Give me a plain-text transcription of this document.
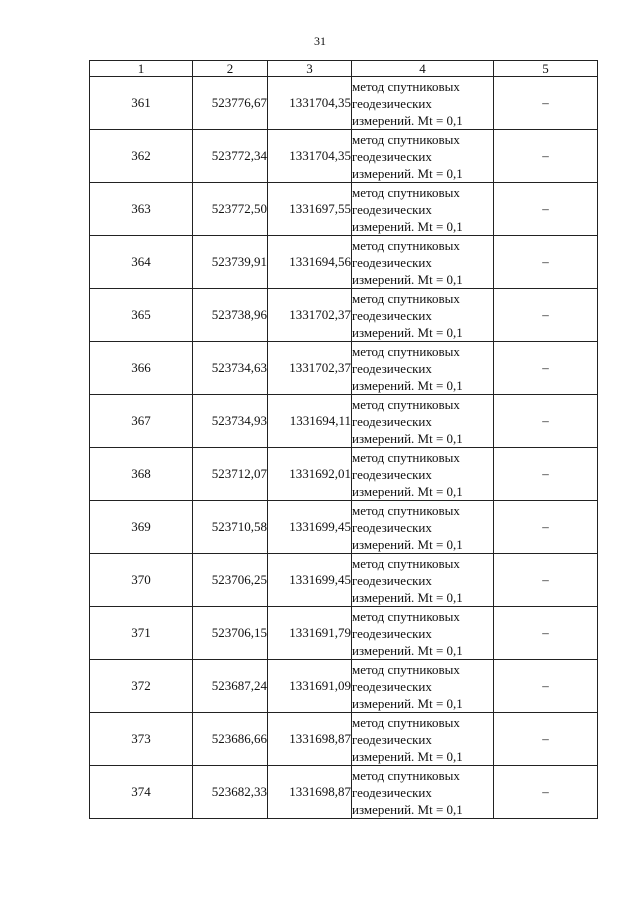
31
1	2	3	4	5
361	523776,67	1331704,35	метод спутниковых
геодезических
измерений. Mt = 0,1	–
362	523772,34	1331704,35	метод спутниковых
геодезических
измерений. Mt = 0,1	–
363	523772,50	1331697,55	метод спутниковых
геодезических
измерений. Mt = 0,1	–
364	523739,91	1331694,56	метод спутниковых
геодезических
измерений. Mt = 0,1	–
365	523738,96	1331702,37	метод спутниковых
геодезических
измерений. Mt = 0,1	–
366	523734,63	1331702,37	метод спутниковых
геодезических
измерений. Mt = 0,1	–
367	523734,93	1331694,11	метод спутниковых
геодезических
измерений. Mt = 0,1	–
368	523712,07	1331692,01	метод спутниковых
геодезических
измерений. Mt = 0,1	–
369	523710,58	1331699,45	метод спутниковых
геодезических
измерений. Mt = 0,1	–
370	523706,25	1331699,45	метод спутниковых
геодезических
измерений. Mt = 0,1	–
371	523706,15	1331691,79	метод спутниковых
геодезических
измерений. Mt = 0,1	–
372	523687,24	1331691,09	метод спутниковых
геодезических
измерений. Mt = 0,1	–
373	523686,66	1331698,87	метод спутниковых
геодезических
измерений. Mt = 0,1	–
374	523682,33	1331698,87	метод спутниковых
геодезических
измерений. Mt = 0,1	–
